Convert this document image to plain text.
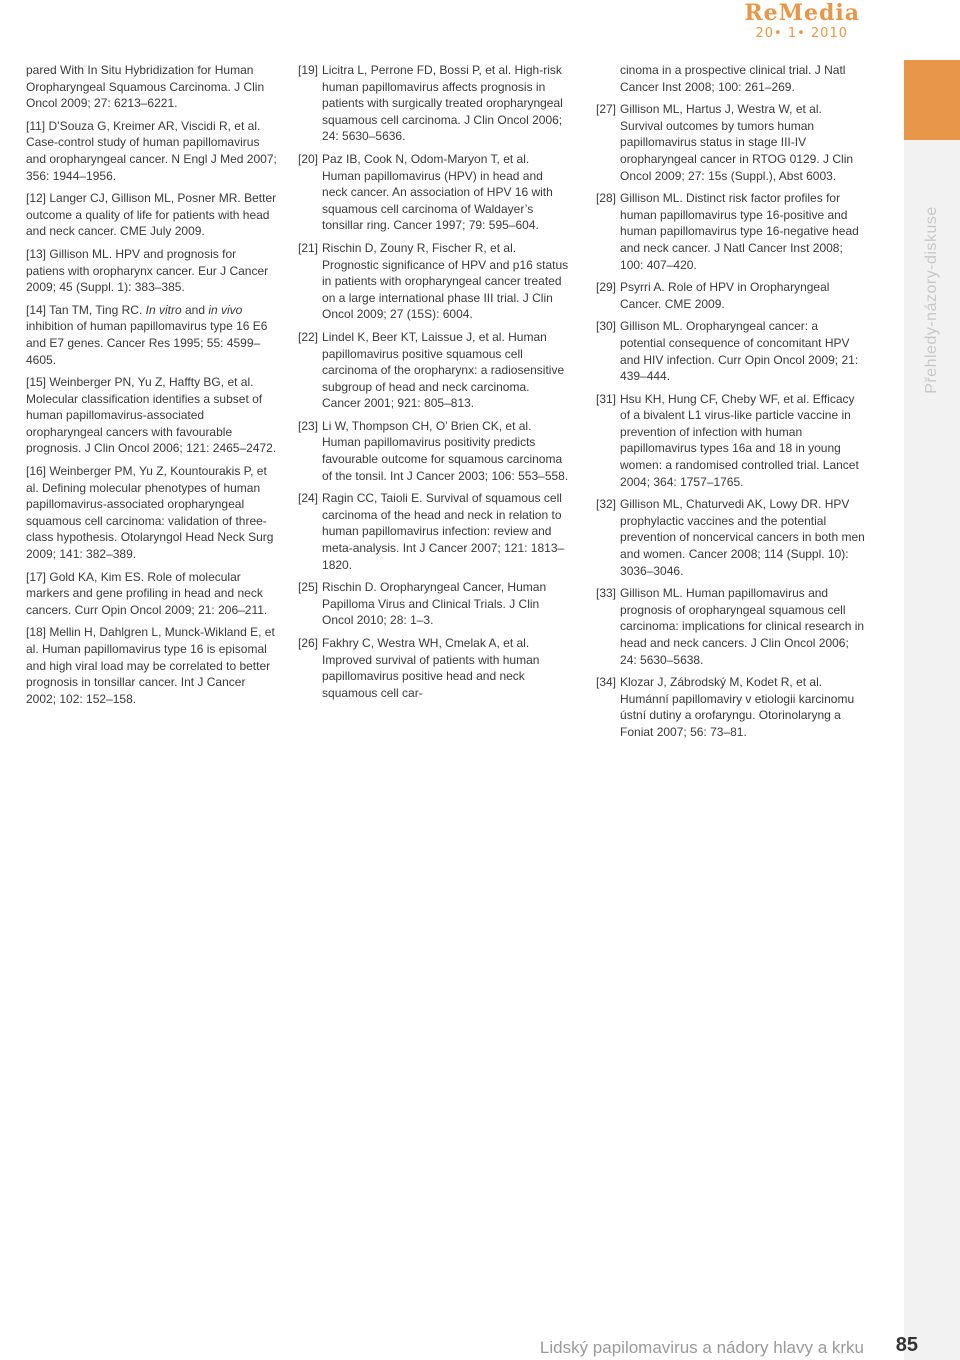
ReMedia
20• 1• 2010
Přehledy-názory-diskuse

pared With In Situ Hybridization for Human Oropharyngeal Squamous Carcinoma. J Clin Oncol 2009; 27: 6213–6221.

[11] D’Souza G, Kreimer AR, Viscidi R, et al. Case-control study of human papillomavirus and oropharyngeal cancer. N Engl J Med 2007; 356: 1944–1956.

[12] Langer CJ, Gillison ML, Posner MR. Better outcome a quality of life for patients with head and neck cancer. CME July 2009.

[13] Gillison ML. HPV and prognosis for patiens with oropharynx cancer. Eur J Cancer 2009; 45 (Suppl. 1): 383–385.

[14] Tan TM, Ting RC. In vitro and in vivo inhibition of human papillomavirus type 16 E6 and E7 genes. Cancer Res 1995; 55: 4599–4605.

[15] Weinberger PN, Yu Z, Haffty BG, et al. Molecular classification identifies a subset of human papillomavirus-associated oropharyngeal cancers with favourable prognosis. J Clin Oncol 2006; 121: 2465–2472.

[16] Weinberger PM, Yu Z, Kountourakis P, et al. Defining molecular phenotypes of human papillomavirus-associated oropharyngeal squamous cell carcinoma: validation of three-class hypothesis. Otolaryngol Head Neck Surg 2009; 141: 382–389.

[17] Gold KA, Kim ES. Role of molecular markers and gene profiling in head and neck cancers. Curr Opin Oncol 2009; 21: 206–211.

[18] Mellin H, Dahlgren L, Munck-Wikland E, et al. Human papillomavirus type 16 is episomal and high viral load may be correlated to better prognosis in tonsillar cancer. Int J Cancer 2002; 102: 152–158.

[19] Licitra L, Perrone FD, Bossi P, et al. High-risk human papillomavirus affects prognosis in patients with surgically treated oropharyngeal squamous cell carcinoma. J Clin Oncol 2006; 24: 5630–5636.
[20] Paz IB, Cook N, Odom-Maryon T, et al. Human papillomavirus (HPV) in head and neck cancer. An association of HPV 16 with squamous cell carcinoma of Waldayer’s tonsillar ring. Cancer 1997; 79: 595–604.
[21] Rischin D, Zouny R, Fischer R, et al. Prognostic significance of HPV and p16 status in patients with oropharyngeal cancer treated on a large international phase III trial. J Clin Oncol 2009; 27 (15S): 6004.
[22] Lindel K, Beer KT, Laissue J, et al. Human papillomavirus positive squamous cell carcinoma of the oropharynx: a radiosensitive subgroup of head and neck carcinoma. Cancer 2001; 921: 805–813.
[23] Li W, Thompson CH, O’ Brien CK, et al. Human papillomavirus positivity predicts favourable outcome for squamous carcinoma of the tonsil. Int J Cancer 2003; 106: 553–558.
[24] Ragin CC, Taioli E. Survival of squamous cell carcinoma of the head and neck in relation to human papillomavirus infection: review and meta-analysis. Int J Cancer 2007; 121: 1813–1820.
[25] Rischin D. Oropharyngeal Cancer, Human Papilloma Virus and Clinical Trials. J Clin Oncol 2010; 28: 1–3.
[26] Fakhry C, Westra WH, Cmelak A, et al. Improved survival of patients with human papillomavirus positive head and neck squamous cell car-
cinoma in a prospective clinical trial. J Natl Cancer Inst 2008; 100: 261–269.
[27] Gillison ML, Hartus J, Westra W, et al. Survival outcomes by tumors human papillomavirus status in stage III-IV oropharyngeal cancer in RTOG 0129. J Clin Oncol 2009; 27: 15s (Suppl.), Abst 6003.
[28] Gillison ML. Distinct risk factor profiles for human papillomavirus type 16-positive and human papillomavirus type 16-negative head and neck cancer. J Natl Cancer Inst 2008; 100: 407–420.
[29] Psyrri A. Role of HPV in Oropharyngeal Cancer. CME 2009.
[30] Gillison ML. Oropharyngeal cancer: a potential consequence of concomitant HPV and HIV infection. Curr Opin Oncol 2009; 21: 439–444.
[31] Hsu KH, Hung CF, Cheby WF, et al. Efficacy of a bivalent L1 virus-like particle vaccine in prevention of infection with human papillomavirus types 16a and 18 in young women: a randomised controlled trial. Lancet 2004; 364: 1757–1765.
[32] Gillison ML, Chaturvedi AK, Lowy DR. HPV prophylactic vaccines and the potential prevention of noncervical cancers in both men and women. Cancer 2008; 114 (Suppl. 10): 3036–3046.
[33] Gillison ML. Human papillomavirus and prognosis of oropharyngeal squamous cell carcinoma: implications for clinical research in head and neck cancers. J Clin Oncol 2006; 24: 5630–5638.
[34] Klozar J, Zábrodský M, Kodet R, et al. Humánní papillomaviry v etiologii karcinomu ústní dutiny a orofaryngu. Otorinolaryng a Foniat 2007; 56: 73–81.
Lidský papilomavirus a nádory hlavy a krku 85
